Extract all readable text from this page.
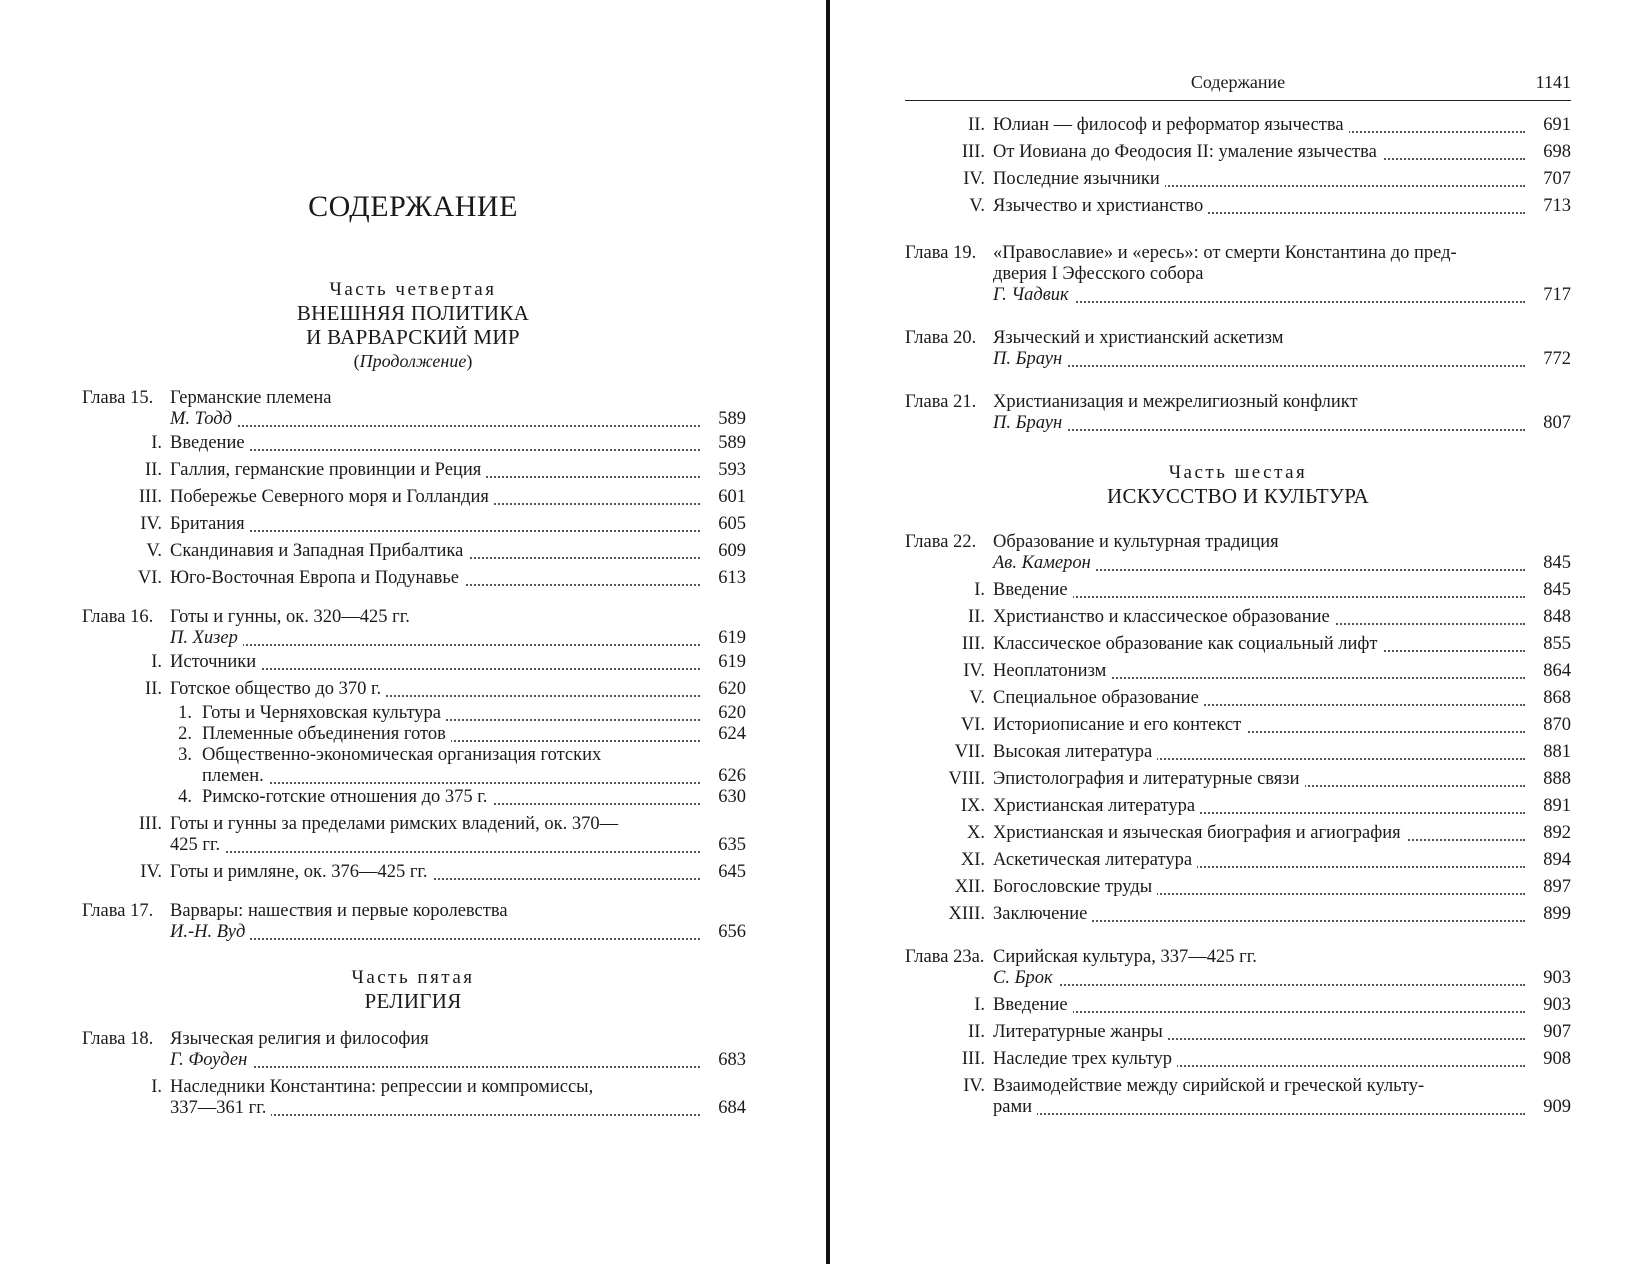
СОДЕРЖАНИЕ
Часть четвертая
ВНЕШНЯЯ ПОЛИТИКА
И ВАРВАРСКИЙ МИР
(Продолжение)
Глава 15. Германские племена
М. Тодд	589
I. Введение	589
II. Галлия, германские провинции и Реция	593
III. Побережье Северного моря и Голландия	601
IV. Британия	605
V. Скандинавия и Западная Прибалтика	609
VI. Юго-Восточная Европа и Подунавье	613
Глава 16. Готы и гунны, ок. 320—425 гг.
П. Хизер	619
I. Источники	619
II. Готское общество до 370 г.	620
1. Готы и Черняховская культура	620
2. Племенные объединения готов	624
3. Общественно-экономическая организация готских
племен.	626
4. Римско-готские отношения до 375 г.	630
III. Готы и гунны за пределами римских владений, ок. 370—
425 гг.	635
IV. Готы и римляне, ок. 376—425 гг.	645
Глава 17. Варвары: нашествия и первые королевства
И.-Н. Вуд	656
Часть пятая
РЕЛИГИЯ
Глава 18. Языческая религия и философия
Г. Фоуден	683
I. Наследники Константина: репрессии и компромиссы,
337—361 гг.	684
Содержание	1141
II. Юлиан — философ и реформатор язычества	691
III. От Иовиана до Феодосия II: умаление язычества	698
IV. Последние язычники	707
V. Язычество и христианство	713
Глава 19. «Православие» и «ересь»: от смерти Константина до пред-
дверия I Эфесского собора
Г. Чадвик	717
Глава 20. Языческий и христианский аскетизм
П. Браун	772
Глава 21. Христианизация и межрелигиозный конфликт
П. Браун	807
Часть шестая
ИСКУССТВО И КУЛЬТУРА
Глава 22. Образование и культурная традиция
Ав. Камерон	845
I. Введение	845
II. Христианство и классическое образование	848
III. Классическое образование как социальный лифт	855
IV. Неоплатонизм	864
V. Специальное образование	868
VI. Историописание и его контекст	870
VII. Высокая литература	881
VIII. Эпистолография и литературные связи	888
IX. Христианская литература	891
X. Христианская и языческая биография и агиография	892
XI. Аскетическая литература	894
XII. Богословские труды	897
XIII. Заключение	899
Глава 23а. Сирийская культура, 337—425 гг.
С. Брок	903
I. Введение	903
II. Литературные жанры	907
III. Наследие трех культур	908
IV. Взаимодействие между сирийской и греческой культу-
рами	909
